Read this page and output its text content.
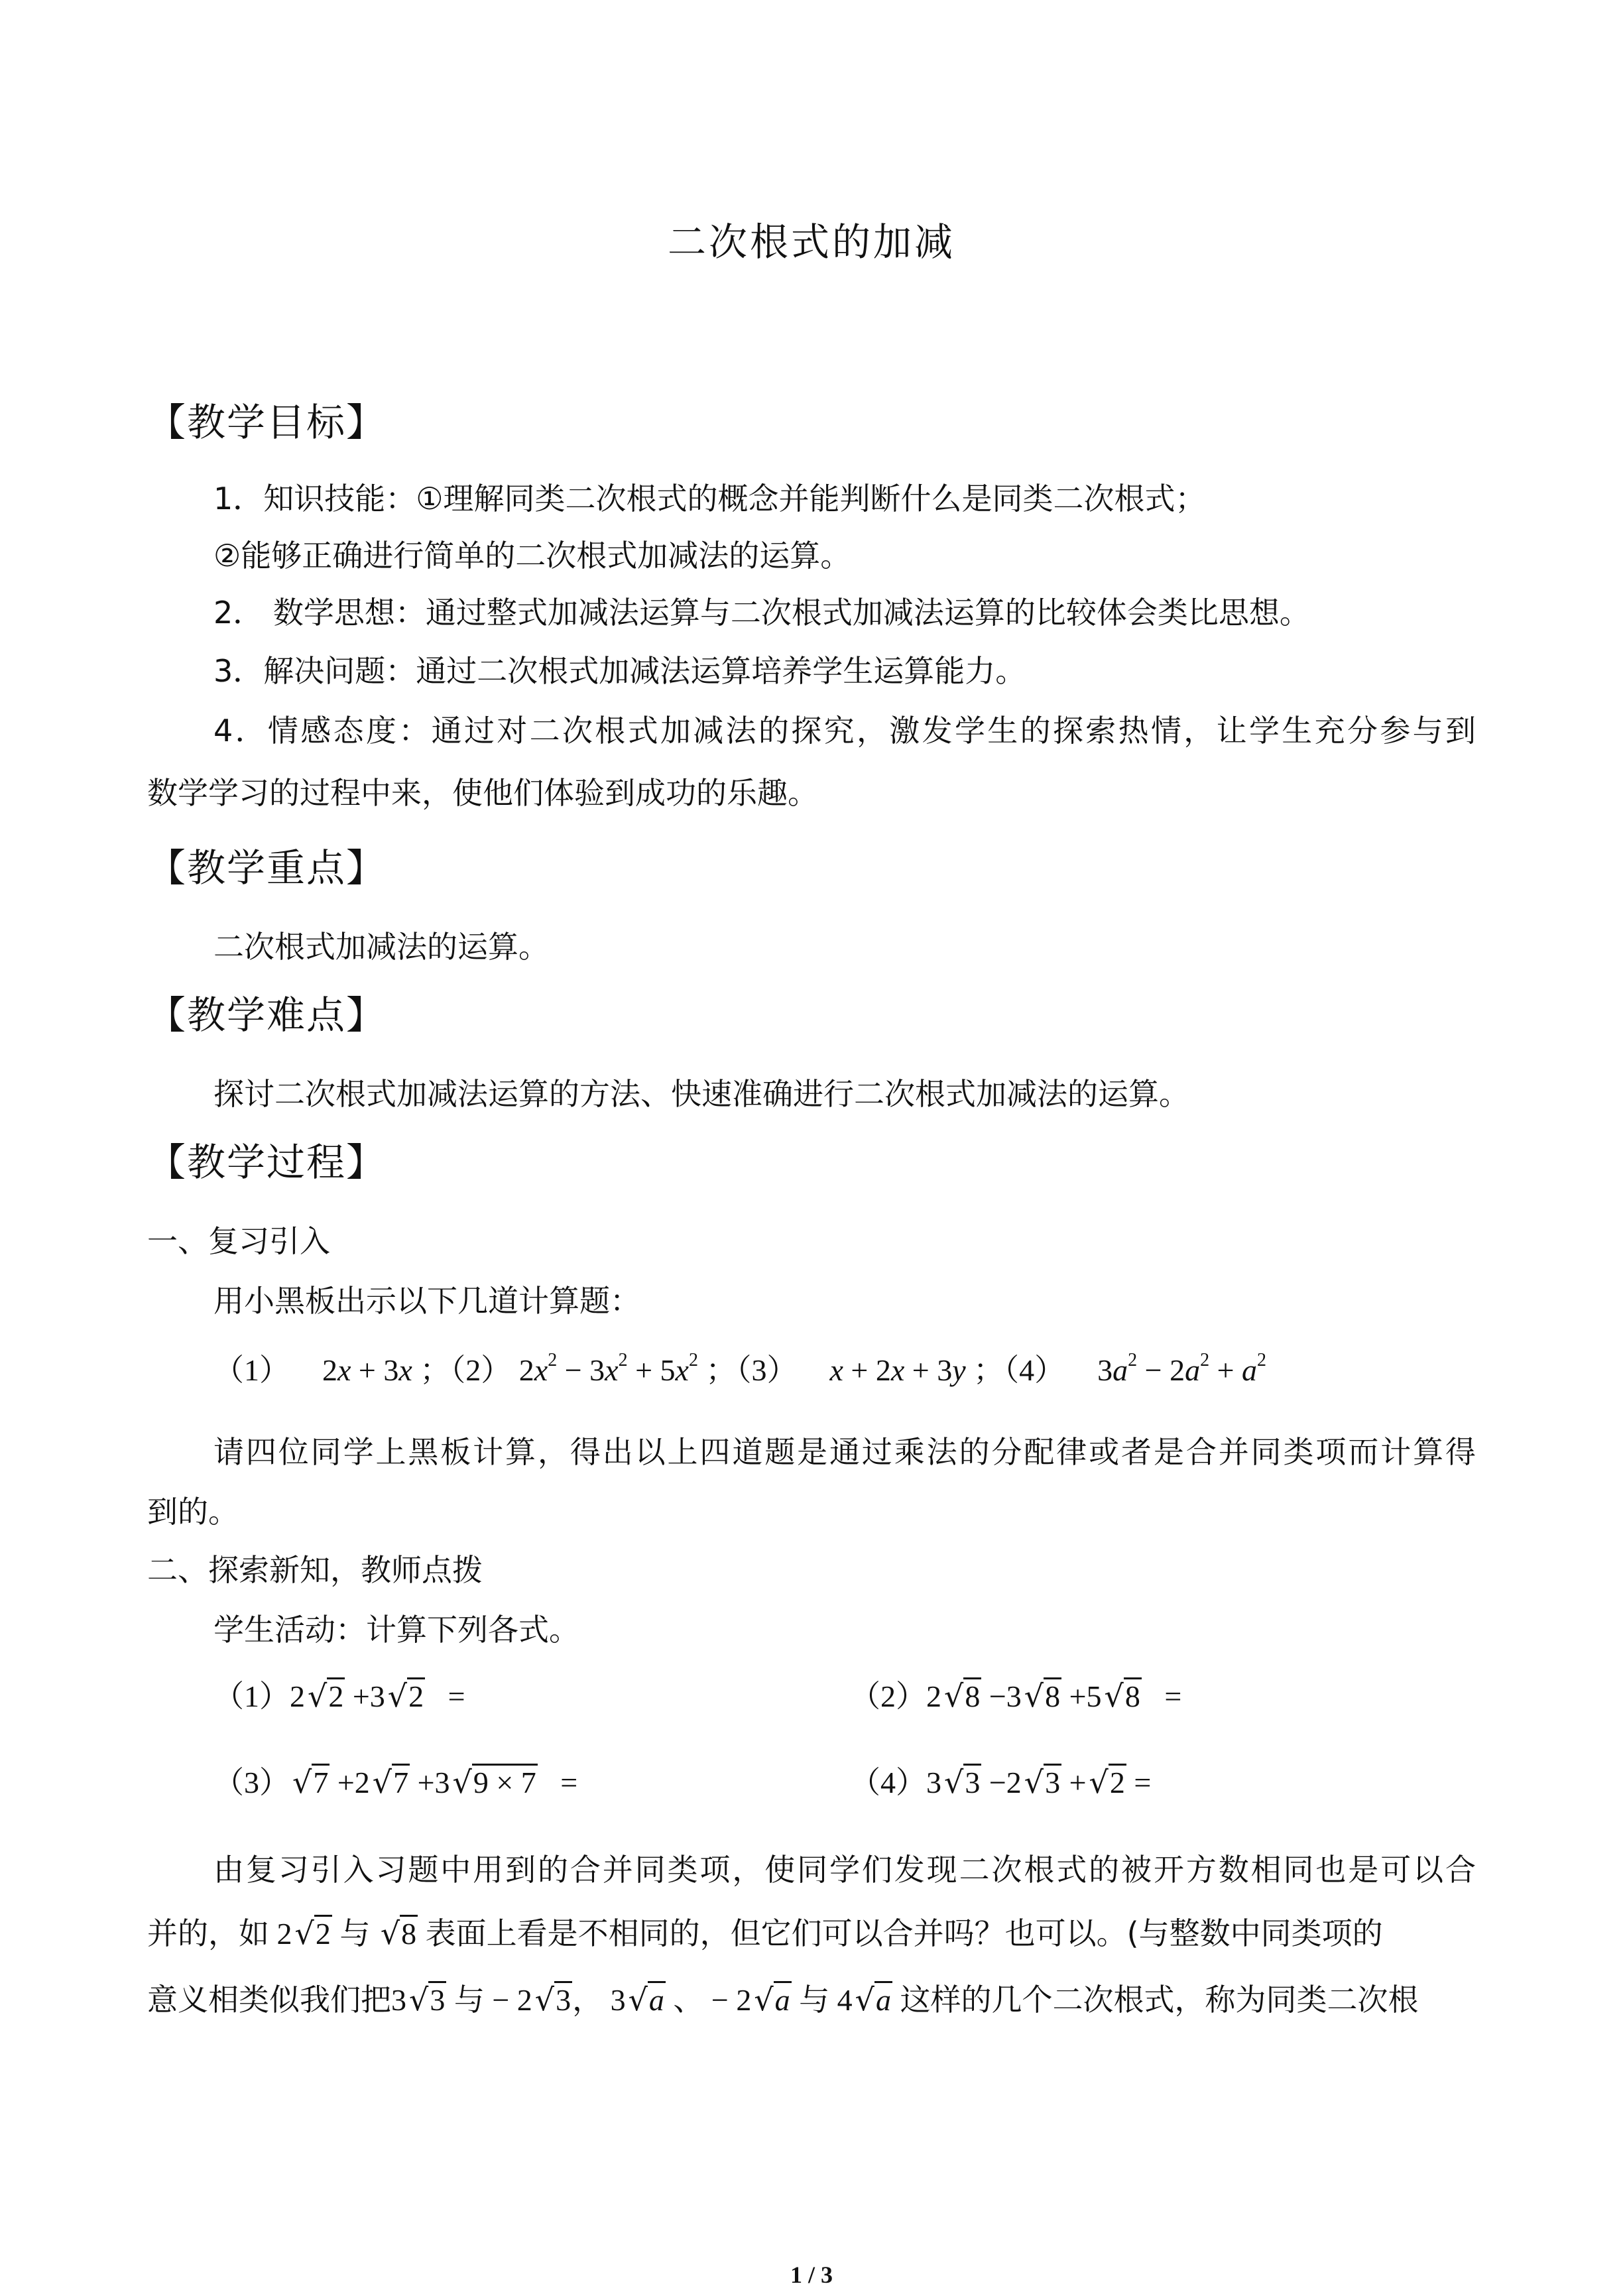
二次根式的加减
【教学目标】
1．知识技能：①理解同类二次根式的概念并能判断什么是同类二次根式；
②能够正确进行简单的二次根式加减法的运算。
2． 数学思想：通过整式加减法运算与二次根式加减法运算的比较体会类比思想。
3．解决问题：通过二次根式加减法运算培养学生运算能力。
4．情感态度：通过对二次根式加减法的探究，激发学生的探索热情，让学生充分参与到
数学学习的过程中来，使他们体验到成功的乐趣。
【教学重点】
二次根式加减法的运算。
【教学难点】
探讨二次根式加减法运算的方法、快速准确进行二次根式加减法的运算。
【教学过程】
一、复习引入
用小黑板出示以下几道计算题：
（1） 2x + 3x ；（2） $2x^2 - 3x^2 + 5x^2$ ；（3） x + 2x + 3y ；（4） $3a^2 - 2a^2 + a^2$
请四位同学上黑板计算，得出以上四道题是通过乘法的分配律或者是合并同类项而计算得
到的。
二、探索新知，教师点拨
学生活动：计算下列各式。
（1）2 √ 2 +3 √ 2   =	（2）2 √ 8 −3 √ 8 +5 √ 8   =
（3） √ 7 +2 √ 7 +3 √ 9 × 7   =	（4）3 √ 3 −2 √ 3 + √ 2 =
由复习引入习题中用到的合并同类项，使同学们发现二次根式的被开方数相同也是可以合
并的，如 2 √ 2 与 √ 8 表面上看是不相同的，但它们可以合并吗？也可以。(与整数中同类项的
意义相类似我们把3 √ 3 与 − 2 √ 3， 3 √ a 、 − 2 √ a 与 4 √ a 这样的几个二次根式，称为同类二次根
1 / 3
